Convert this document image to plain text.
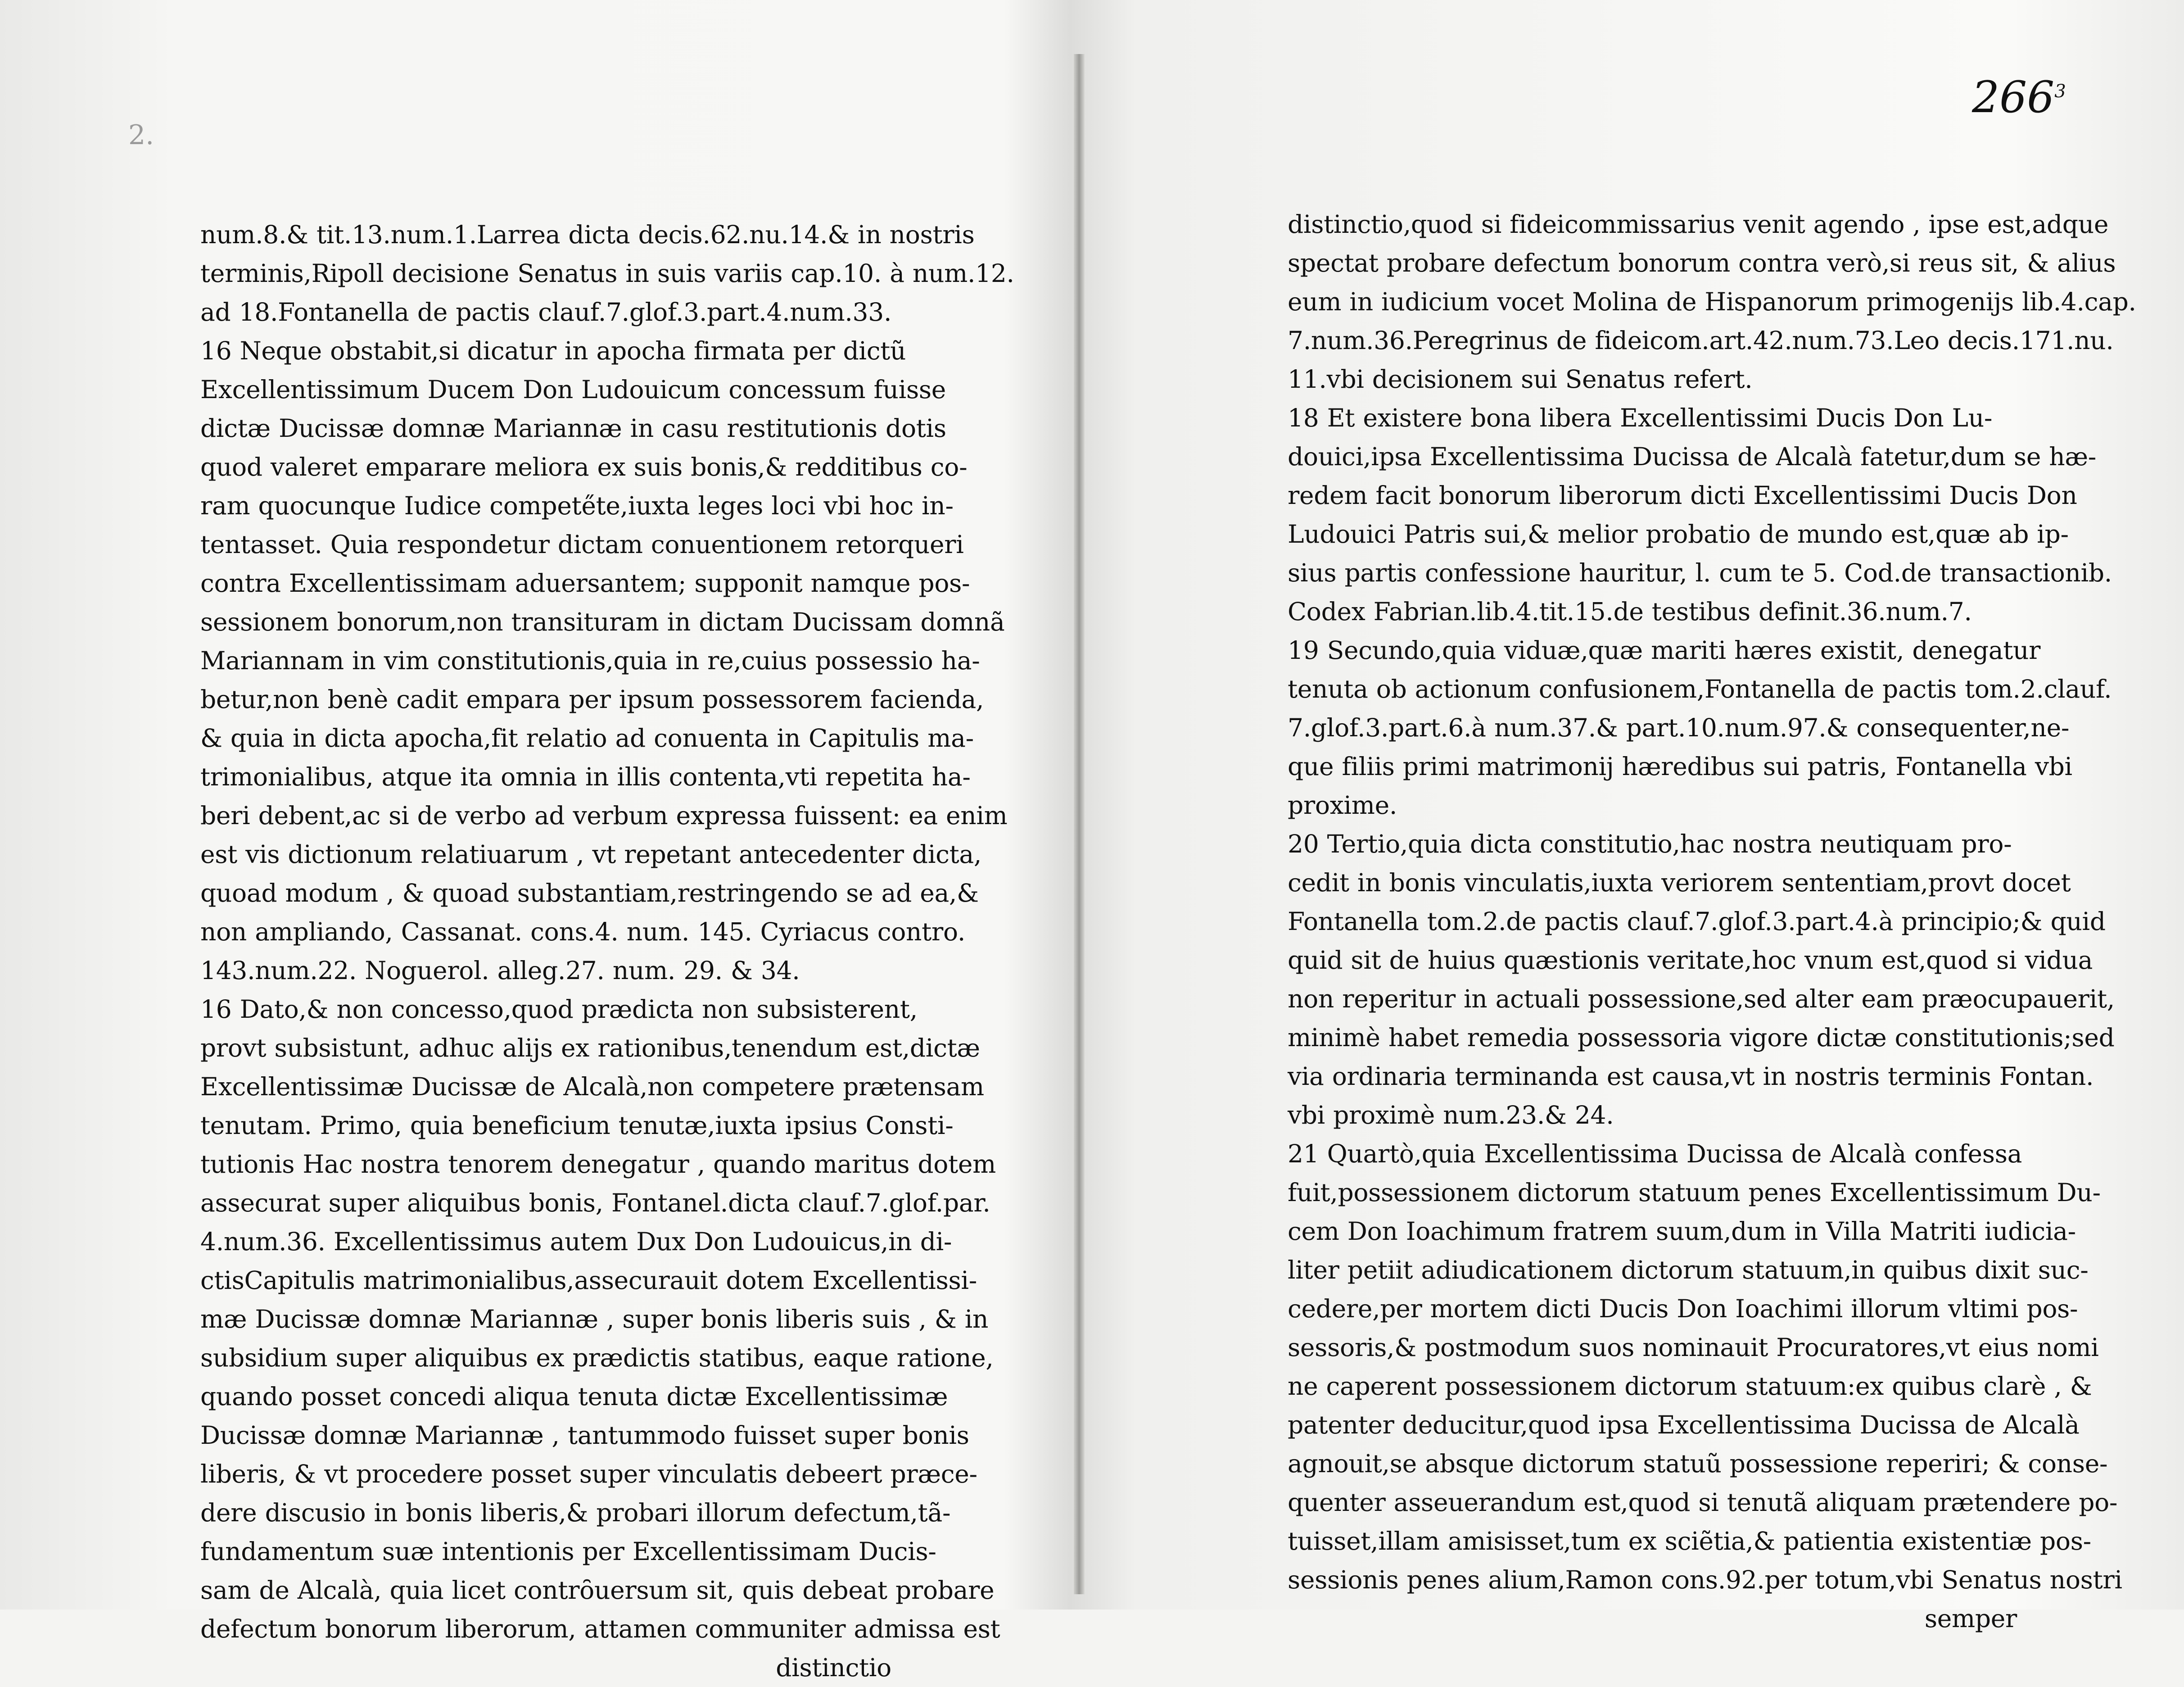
2.
$266^3$
num.8.& tit.13.num.1.Larrea dicta decis.62.nu.14.& in nostris
terminis,Ripoll decisione Senatus in suis variis cap.10. à num.12.
ad 18.Fontanella de pactis clauf.7.glof.3.part.4.num.33.
16 Neque obstabit,si dicatur in apocha firmata per dictũ
Excellentissimum Ducem Don Ludouicum concessum fuisse
dictæ Ducissæ domnæ Mariannæ in casu restitutionis dotis
quod valeret emparare meliora ex suis bonis,& redditibus co-
ram quocunque Iudice compete̋te,iuxta leges loci vbi hoc in-
tentasset. Quia respondetur dictam conuentionem retorqueri
contra Excellentissimam aduersantem; supponit namque pos-
sessionem bonorum,non transituram in dictam Ducissam domnã
Mariannam in vim constitutionis,quia in re,cuius possessio ha-
betur,non benè cadit empara per ipsum possessorem facienda,
& quia in dicta apocha,fit relatio ad conuenta in Capitulis ma-
trimonialibus, atque ita omnia in illis contenta,vti repetita ha-
beri debent,ac si de verbo ad verbum expressa fuissent: ea enim
est vis dictionum relatiuarum , vt repetant antecedenter dicta,
quoad modum , & quoad substantiam,restringendo se ad ea,&
non ampliando, Cassanat. cons.4. num. 145. Cyriacus contro.
143.num.22. Noguerol. alleg.27. num. 29. & 34.
16 Dato,& non concesso,quod prædicta non subsisterent,
provt subsistunt, adhuc alijs ex rationibus,tenendum est,dictæ
Excellentissimæ Ducissæ de Alcalà,non competere prætensam
tenutam. Primo, quia beneficium tenutæ,iuxta ipsius Consti-
tutionis Hac nostra tenorem denegatur , quando maritus dotem
assecurat super aliquibus bonis, Fontanel.dicta clauf.7.glof.par.
4.num.36. Excellentissimus autem Dux Don Ludouicus,in di-
ctisCapitulis matrimonialibus,assecurauit dotem Excellentissi-
mæ Ducissæ domnæ Mariannæ , super bonis liberis suis , & in
subsidium super aliquibus ex prædictis statibus, eaque ratione,
quando posset concedi aliqua tenuta dictæ Excellentissimæ
Ducissæ domnæ Mariannæ , tantummodo fuisset super bonis
liberis, & vt procedere posset super vinculatis debeert præce-
dere discusio in bonis liberis,& probari illorum defectum,tã-
fundamentum suæ intentionis per Excellentissimam Ducis-
sam de Alcalà, quia licet contrȏuersum sit, quis debeat probare
defectum bonorum liberorum, attamen communiter admissa est
distinctio
distinctio,quod si fideicommissarius venit agendo , ipse est,adque
spectat probare defectum bonorum contra verò,si reus sit, & alius
eum in iudicium vocet Molina de Hispanorum primogenijs lib.4.cap.
7.num.36.Peregrinus de fideicom.art.42.num.73.Leo decis.171.nu.
11.vbi decisionem sui Senatus refert.
18 Et existere bona libera Excellentissimi Ducis Don Lu-
douici,ipsa Excellentissima Ducissa de Alcalà fatetur,dum se hæ-
redem facit bonorum liberorum dicti Excellentissimi Ducis Don
Ludouici Patris sui,& melior probatio de mundo est,quæ ab ip-
sius partis confessione hauritur, l. cum te 5. Cod.de transactionib.
Codex Fabrian.lib.4.tit.15.de testibus definit.36.num.7.
19 Secundo,quia viduæ,quæ mariti hæres existit, denegatur
tenuta ob actionum confusionem,Fontanella de pactis tom.2.clauf.
7.glof.3.part.6.à num.37.& part.10.num.97.& consequenter,ne-
que filiis primi matrimonij hæredibus sui patris, Fontanella vbi
proxime.
20 Tertio,quia dicta constitutio,hac nostra neutiquam pro-
cedit in bonis vinculatis,iuxta veriorem sententiam,provt docet
Fontanella tom.2.de pactis clauf.7.glof.3.part.4.à principio;& quid
quid sit de huius quæstionis veritate,hoc vnum est,quod si vidua
non reperitur in actuali possessione,sed alter eam præocupauerit,
minimè habet remedia possessoria vigore dictæ constitutionis;sed
via ordinaria terminanda est causa,vt in nostris terminis Fontan.
vbi proximè num.23.& 24.
21 Quartò,quia Excellentissima Ducissa de Alcalà confessa
fuit,possessionem dictorum statuum penes Excellentissimum Du-
cem Don Ioachimum fratrem suum,dum in Villa Matriti iudicia-
liter petiit adiudicationem dictorum statuum,in quibus dixit suc-
cedere,per mortem dicti Ducis Don Ioachimi illorum vltimi pos-
sessoris,& postmodum suos nominauit Procuratores,vt eius nomi
ne caperent possessionem dictorum statuum:ex quibus clarè , &
patenter deducitur,quod ipsa Excellentissima Ducissa de Alcalà
agnouit,se absque dictorum statuũ possessione reperiri; & conse-
quenter asseuerandum est,quod si tenutã aliquam prætendere po-
tuisset,illam amisisset,tum ex sciẽtia,& patientia existentiæ pos-
sessionis penes alium,Ramon cons.92.per totum,vbi Senatus nostri
semper
